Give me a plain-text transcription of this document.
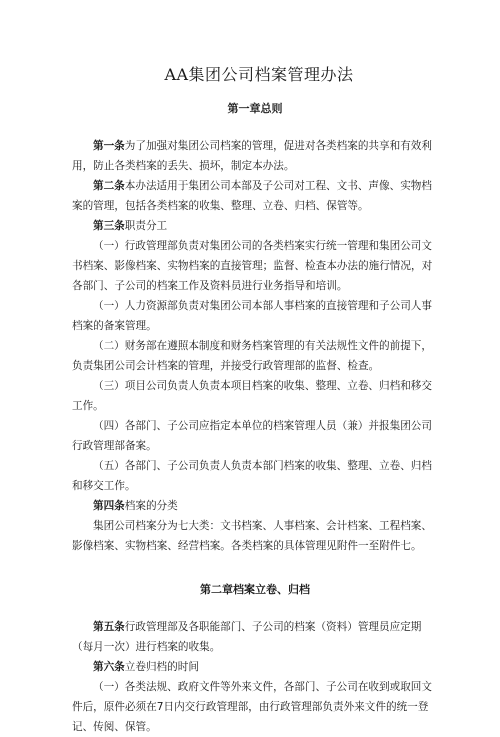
AA集团公司档案管理办法
第一章总则

第一条为了加强对集团公司档案的管理，促进对各类档案的共享和有效利用，防止各类档案的丢失、损坏，制定本办法。

第二条本办法适用于集团公司本部及子公司对工程、文书、声像、实物档案的管理，包括各类档案的收集、整理、立卷、归档、保管等。

第三条职责分工

（一）行政管理部负责对集团公司的各类档案实行统一管理和集团公司文书档案、影像档案、实物档案的直接管理；监督、检查本办法的施行情况，对各部门、子公司的档案工作及资料员进行业务指导和培训。

（一）人力资源部负责对集团公司本部人事档案的直接管理和子公司人事档案的备案管理。

（二）财务部在遵照本制度和财务档案管理的有关法规性文件的前提下，负责集团公司会计档案的管理，并接受行政管理部的监督、检查。

（三）项目公司负责人负责本项目档案的收集、整理、立卷、归档和移交工作。

（四）各部门、子公司应指定本单位的档案管理人员（兼）并报集团公司行政管理部备案。

（五）各部门、子公司负责人负责本部门档案的收集、整理、立卷、归档和移交工作。

第四条档案的分类

集团公司档案分为七大类：文书档案、人事档案、会计档案、工程档案、影像档案、实物档案、经营档案。各类档案的具体管理见附件一至附件七。

第二章档案立卷、归档

第五条行政管理部及各职能部门、子公司的档案（资料）管理员应定期（每月一次）进行档案的收集。

第六条立卷归档的时间

（一）各类法规、政府文件等外来文件，各部门、子公司在收到或取回文件后，原件必须在7日内交行政管理部，由行政管理部负责外来文件的统一登记、传阅、保管。
